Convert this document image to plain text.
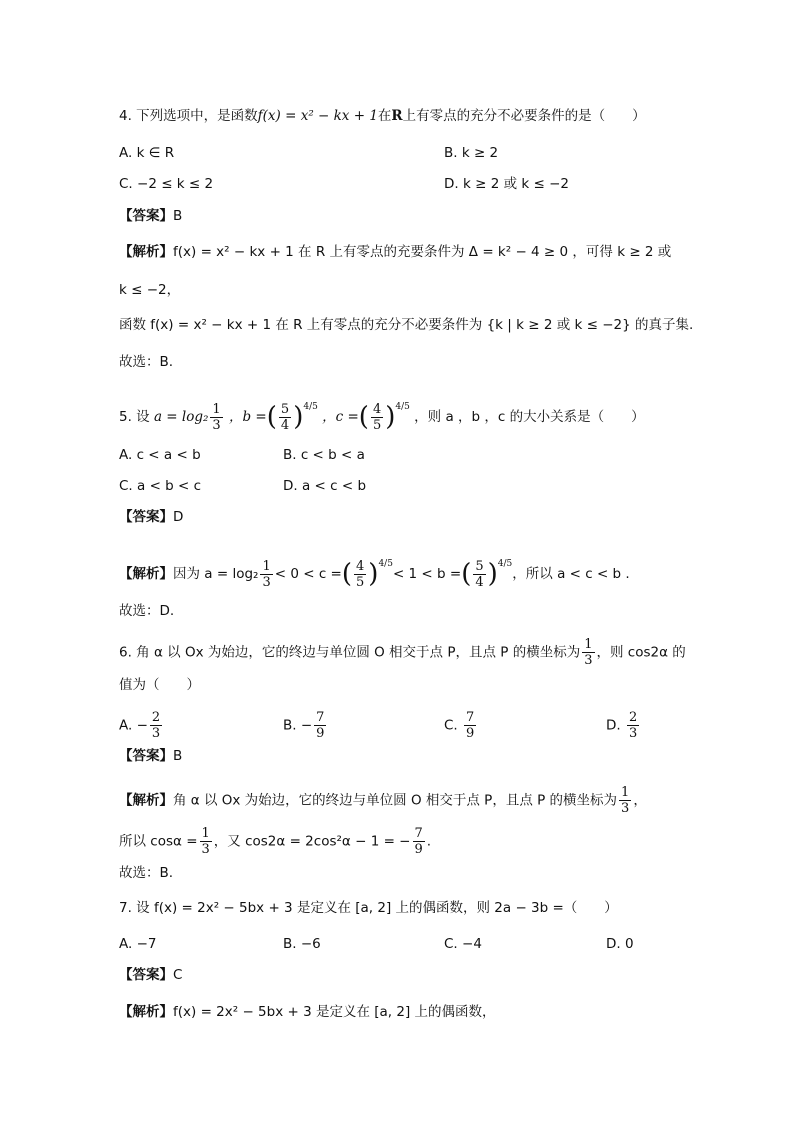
4. 下列选项中，是函数f(x) = x² − kx + 1在R上有零点的充分不必要条件的是（　　）
A. k ∈ R	B. k ≥ 2
C. −2 ≤ k ≤ 2	D. k ≥ 2 或 k ≤ −2
【答案】B
【解析】f(x) = x² − kx + 1 在 R 上有零点的充要条件为 Δ = k² − 4 ≥ 0 ，可得 k ≥ 2 或
k ≤ −2，
函数 f(x) = x² − kx + 1 在 R 上有零点的充分不必要条件为 {k | k ≥ 2 或 k ≤ −2} 的真子集.
故选：B.
5. 设 $a = \log_2 \frac{1}{3}$ ，b =( $\frac{5}{4} )^{4/5}$ ，c =( $\frac{4}{5} )^{4/5}$ ，则 a ，b ，c 的大小关系是（　　）
A. c < a < b	B. c < b < a
C. a < b < c	D. a < c < b
【答案】D
【解析】因为 $a = \log_2 \frac{1}{3} < 0 < c$ =( $\frac{4}{5} )^{4/5}< 1 < b$ =( $\frac{5}{4} )^{4/5}$，所以 a < c < b .
故选：D.
6. 角 α 以 Ox 为始边，它的终边与单位圆 O 相交于点 P，且点 P 的横坐标为 $\frac{1}{3}$ ，则 cos2α 的
值为（　　）
A. − $\frac{2}{3}$	B. − $\frac{7}{9}$	C. $\frac{7}{9}$	D. $\frac{2}{3}$
【答案】B
【解析】角 α 以 Ox 为始边，它的终边与单位圆 O 相交于点 P，且点 P 的横坐标为 $\frac{1}{3}$ ，
所以 $\cos\alpha = \frac{1}{3}$ ，又 cos2α = 2cos²α − 1 = − $\frac{7}{9}$ .
故选：B.
7. 设 f(x) = 2x² − 5bx + 3 是定义在 [a, 2] 上的偶函数，则 2a − 3b =（　　）
A. −7	B. −6	C. −4	D. 0
【答案】C
【解析】f(x) = 2x² − 5bx + 3 是定义在 [a, 2] 上的偶函数，
